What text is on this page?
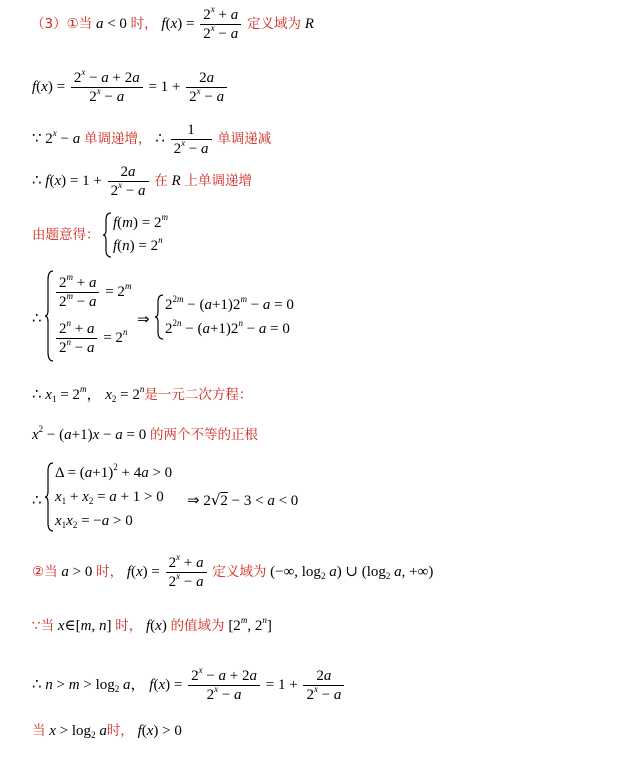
（3）①当 a < 0 时， $f(x) = \frac{2^x + a}{2^x - a}$ 定义域为 R
$f(x) = \frac{2^x - a + 2a}{2^x - a} = 1 + \frac{2a}{2^x - a}$
∵ $2^x - a$ 单调递增， ∴ $\frac{1}{2^x - a}$ 单调递减
∴ $f(x) = 1 + \frac{2a}{2^x - a}$ 在 R 上单调递增
由题意得：
$f(m) = 2^m$
$f(n) = 2^n$
∴
$\frac{2^m + a}{2^m - a} = 2^m$
$\frac{2^n + a}{2^n - a} = 2^n$
⇒
$2^{2m} - (a+1)2^m - a = 0$
$2^{2n} - (a+1)2^n - a = 0$
∴ $x_1 = 2^m$， $x_2 = 2^n$是一元二次方程：
$x^2 - (a+1)x - a = 0$ 的两个不等的正根
∴
$\Delta = (a+1)^2 + 4a > 0$
$x_1 + x_2 = a + 1 > 0$
$x_1x_2 = -a > 0$
⇒ 2√2 − 3 < a < 0
②当 a > 0 时， $f(x) = \frac{2^x + a}{2^x - a}$ 定义域为 (−∞, $\log_2 a$) ∪ ($\log_2$ a, +∞)
∵当 x∈[m, n] 时， f(x) 的值域为 [2$^m$, 2$^n$]
∴ $n > m > \log_2 a$， $f(x) = \frac{2^x - a + 2a}{2^x - a} = 1 + \frac{2a}{2^x - a}$
当 $x > \log_2 a$时， f(x) > 0
